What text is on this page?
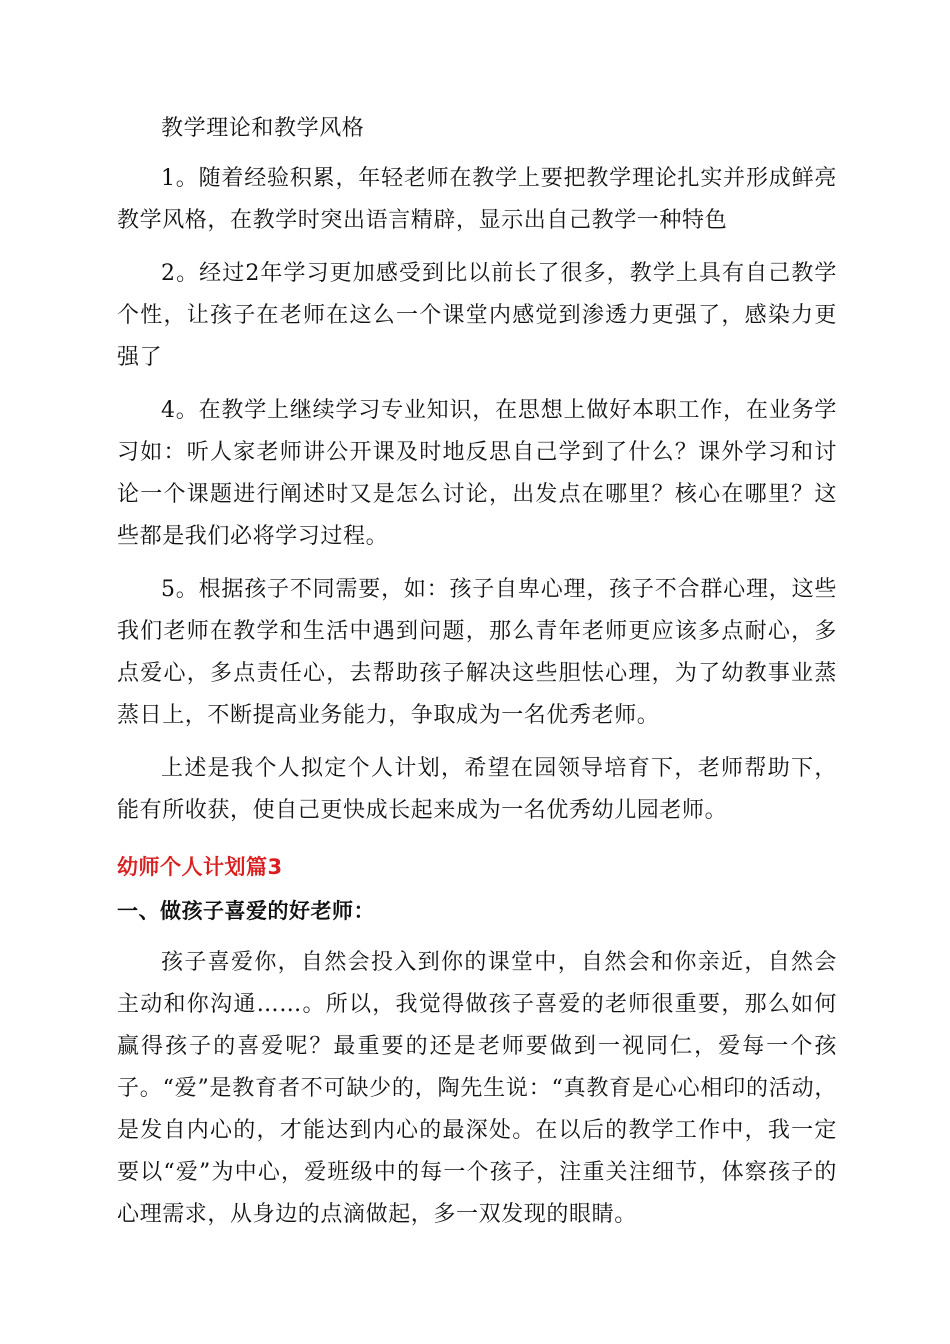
教学理论和教学风格

1。随着经验积累，年轻老师在教学上要把教学理论扎实并形成鲜亮教学风格，在教学时突出语言精辟，显示出自己教学一种特色

2。经过2年学习更加感受到比以前长了很多，教学上具有自己教学个性，让孩子在老师在这么一个课堂内感觉到渗透力更强了，感染力更强了

4。在教学上继续学习专业知识，在思想上做好本职工作，在业务学习如：听人家老师讲公开课及时地反思自己学到了什么？课外学习和讨论一个课题进行阐述时又是怎么讨论，出发点在哪里？核心在哪里？这些都是我们必将学习过程。

5。根据孩子不同需要，如：孩子自卑心理，孩子不合群心理，这些我们老师在教学和生活中遇到问题，那么青年老师更应该多点耐心，多点爱心，多点责任心，去帮助孩子解决这些胆怯心理，为了幼教事业蒸蒸日上，不断提高业务能力，争取成为一名优秀老师。

上述是我个人拟定个人计划，希望在园领导培育下，老师帮助下，能有所收获，使自己更快成长起来成为一名优秀幼儿园老师。

幼师个人计划篇3
一、做孩子喜爱的好老师：

孩子喜爱你，自然会投入到你的课堂中，自然会和你亲近，自然会主动和你沟通……。所以，我觉得做孩子喜爱的老师很重要，那么如何赢得孩子的喜爱呢？最重要的还是老师要做到一视同仁，爱每一个孩子。“爱”是教育者不可缺少的，陶先生说：“真教育是心心相印的活动，是发自内心的，才能达到内心的最深处。在以后的教学工作中，我一定要以“爱”为中心，爱班级中的每一个孩子，注重关注细节，体察孩子的心理需求，从身边的点滴做起，多一双发现的眼睛。
